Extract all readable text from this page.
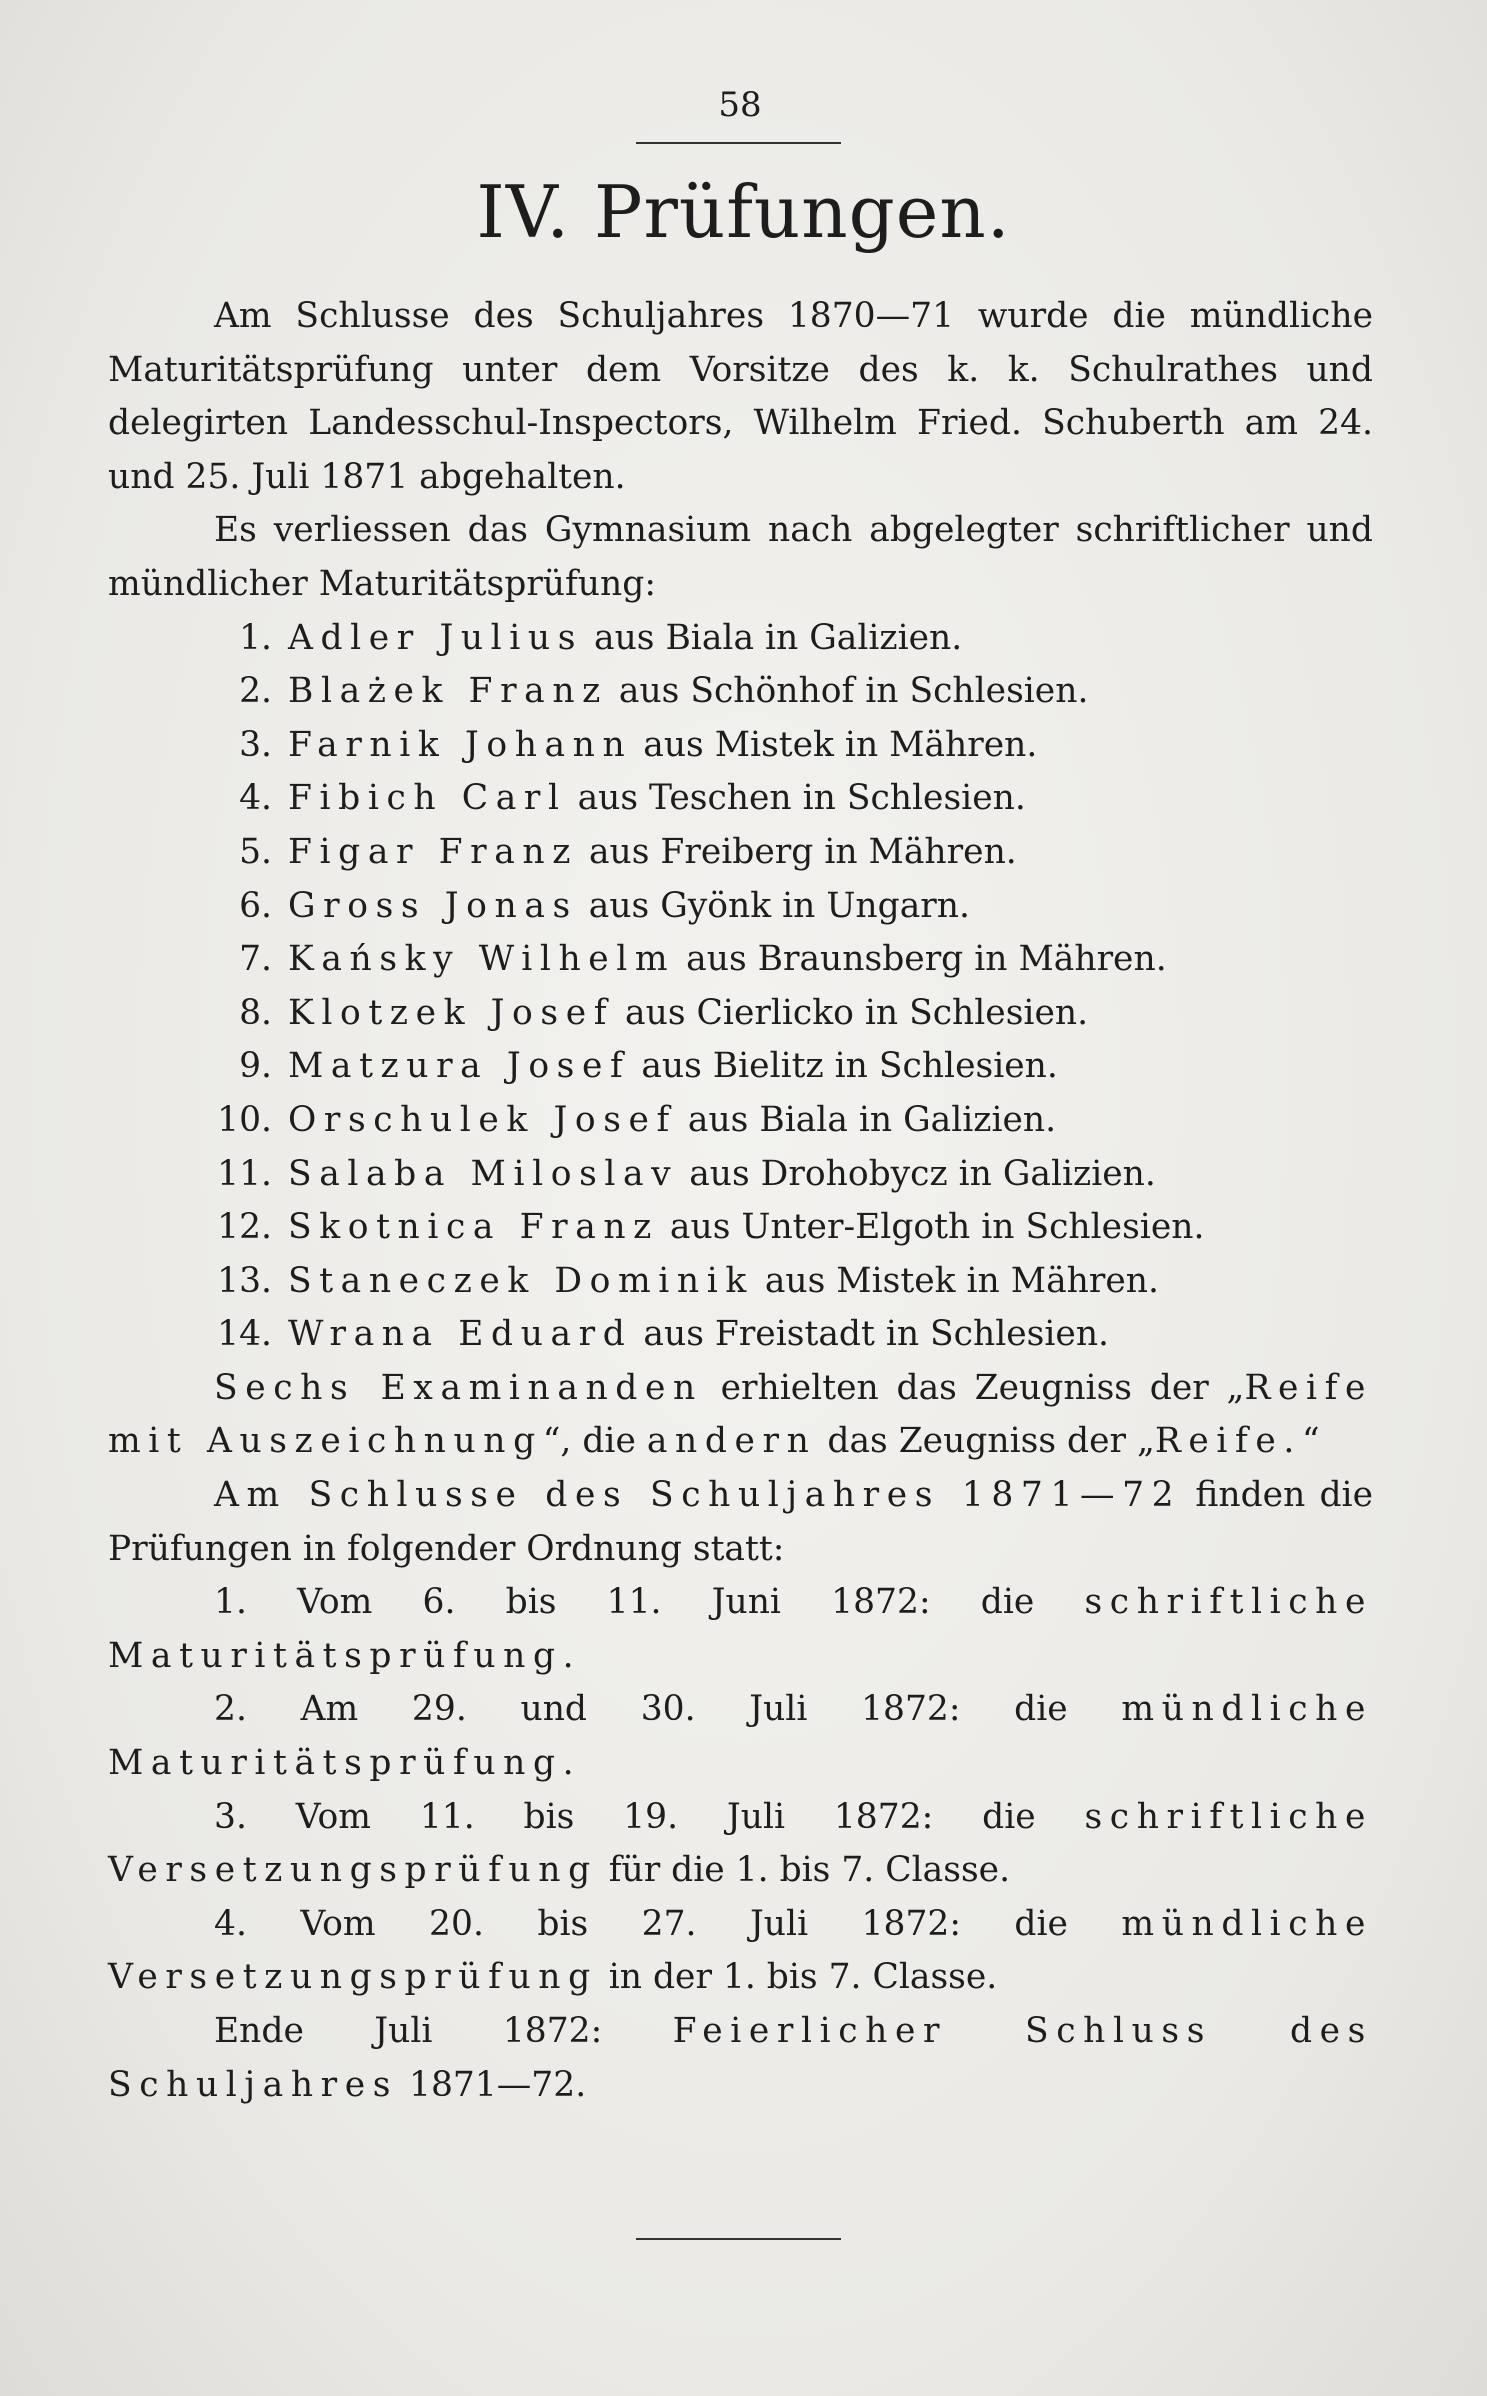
58
IV. Prüfungen.

Am Schlusse des Schuljahres 1870—71 wurde die mündliche Maturitätsprüfung unter dem Vorsitze des k. k. Schulrathes und delegirten Landesschul-Inspectors, Wilhelm Fried. Schuberth am 24. und 25. Juli 1871 abgehalten.

Es verliessen das Gymnasium nach abgelegter schriftlicher und mündlicher Maturitätsprüfung:

1. Adler Julius aus Biala in Galizien.
2. Blażek Franz aus Schönhof in Schlesien.
3. Farnik Johann aus Mistek in Mähren.
4. Fibich Carl aus Teschen in Schlesien.
5. Figar Franz aus Freiberg in Mähren.
6. Gross Jonas aus Gyönk in Ungarn.
7. Kańsky Wilhelm aus Braunsberg in Mähren.
8. Klotzek Josef aus Cierlicko in Schlesien.
9. Matzura Josef aus Bielitz in Schlesien.
10. Orschulek Josef aus Biala in Galizien.
11. Salaba Miloslav aus Drohobycz in Galizien.
12. Skotnica Franz aus Unter-Elgoth in Schlesien.
13. Staneczek Dominik aus Mistek in Mähren.
14. Wrana Eduard aus Freistadt in Schlesien.

Sechs Examinanden erhielten das Zeugniss der „Reife mit Auszeichnung“, die andern das Zeugniss der „Reife.“

Am Schlusse des Schuljahres 1871—72 finden die Prüfungen in folgender Ordnung statt:

1. Vom 6. bis 11. Juni 1872: die schriftliche Maturitätsprüfung.

2. Am 29. und 30. Juli 1872: die mündliche Maturitätsprüfung.

3. Vom 11. bis 19. Juli 1872: die schriftliche Versetzungsprüfung für die 1. bis 7. Classe.

4. Vom 20. bis 27. Juli 1872: die mündliche Versetzungsprüfung in der 1. bis 7. Classe.

Ende Juli 1872: Feierlicher Schluss des Schuljahres 1871—72.
